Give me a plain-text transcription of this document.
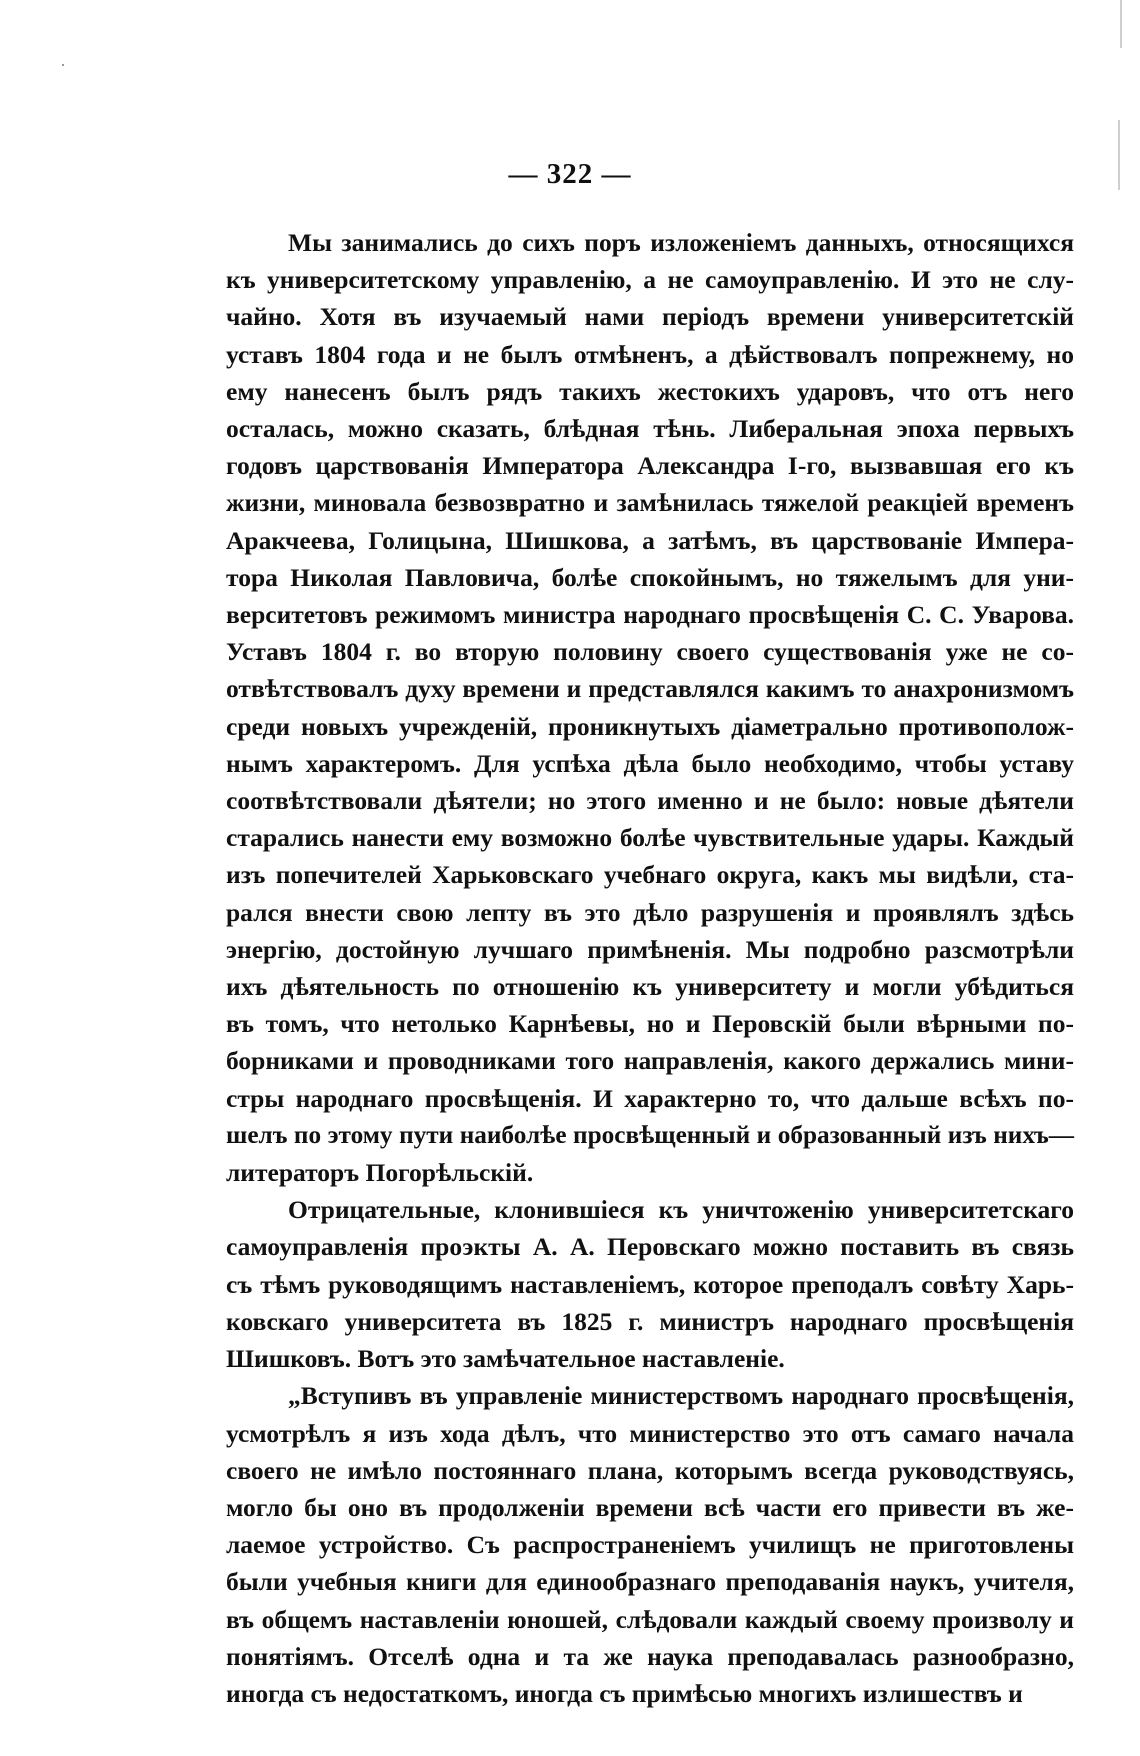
— 322 —

Мы занимались до сихъ поръ изложеніемъ данныхъ, относящихся
къ университетскому управленію, а не самоуправленію. И это не слу-
чайно. Хотя въ изучаемый нами періодъ времени университетскій
уставъ 1804 года и не былъ отмѣненъ, а дѣйствовалъ попрежнему, но
ему нанесенъ былъ рядъ такихъ жестокихъ ударовъ, что отъ него
осталась, можно сказать, блѣдная тѣнь. Либеральная эпоха первыхъ
годовъ царствованія Императора Александра І-го, вызвавшая его къ
жизни, миновала безвозвратно и замѣнилась тяжелой реакціей временъ
Аракчеева, Голицына, Шишкова, а затѣмъ, въ царствованіе Импера-
тора Николая Павловича, болѣе спокойнымъ, но тяжелымъ для уни-
верситетовъ режимомъ министра народнаго просвѣщенія С. С. Уварова.
Уставъ 1804 г. во вторую половину своего существованія уже не со-
отвѣтствовалъ духу времени и представлялся какимъ то анахронизмомъ
среди новыхъ учрежденій, проникнутыхъ діаметрально противополож-
нымъ характеромъ. Для успѣха дѣла было необходимо, чтобы уставу
соотвѣтствовали дѣятели; но этого именно и не было: новые дѣятели
старались нанести ему возможно болѣе чувствительные удары. Каждый
изъ попечителей Харьковскаго учебнаго округа, какъ мы видѣли, ста-
рался внести свою лепту въ это дѣло разрушенія и проявлялъ здѣсь
энергію, достойную лучшаго примѣненія. Мы подробно разсмотрѣли
ихъ дѣятельность по отношенію къ университету и могли убѣдиться
въ томъ, что нетолько Карнѣевы, но и Перовскій были вѣрными по-
борниками и проводниками того направленія, какого держались мини-
стры народнаго просвѣщенія. И характерно то, что дальше всѣхъ по-
шелъ по этому пути наиболѣе просвѣщенный и образованный изъ нихъ—
литераторъ Погорѣльскій.

Отрицательные, клонившіеся къ уничтоженію университетскаго
самоуправленія проэкты А. А. Перовскаго можно поставить въ связь
съ тѣмъ руководящимъ наставленіемъ, которое преподалъ совѣту Харь-
ковскаго университета въ 1825 г. министръ народнаго просвѣщенія
Шишковъ. Вотъ это замѣчательное наставленіе.

„Вступивъ въ управленіе министерствомъ народнаго просвѣщенія,
усмотрѣлъ я изъ хода дѣлъ, что министерство это отъ самаго начала
своего не имѣло постояннаго плана, которымъ всегда руководствуясь,
могло бы оно въ продолженіи времени всѣ части его привести въ же-
лаемое устройство. Съ распространеніемъ училищъ не приготовлены
были учебныя книги для единообразнаго преподаванія наукъ, учителя,
въ общемъ наставленіи юношей, слѣдовали каждый своему произволу и
понятіямъ. Отселѣ одна и та же наука преподавалась разнообразно,
иногда съ недостаткомъ, иногда съ примѣсью многихъ излишествъ и
